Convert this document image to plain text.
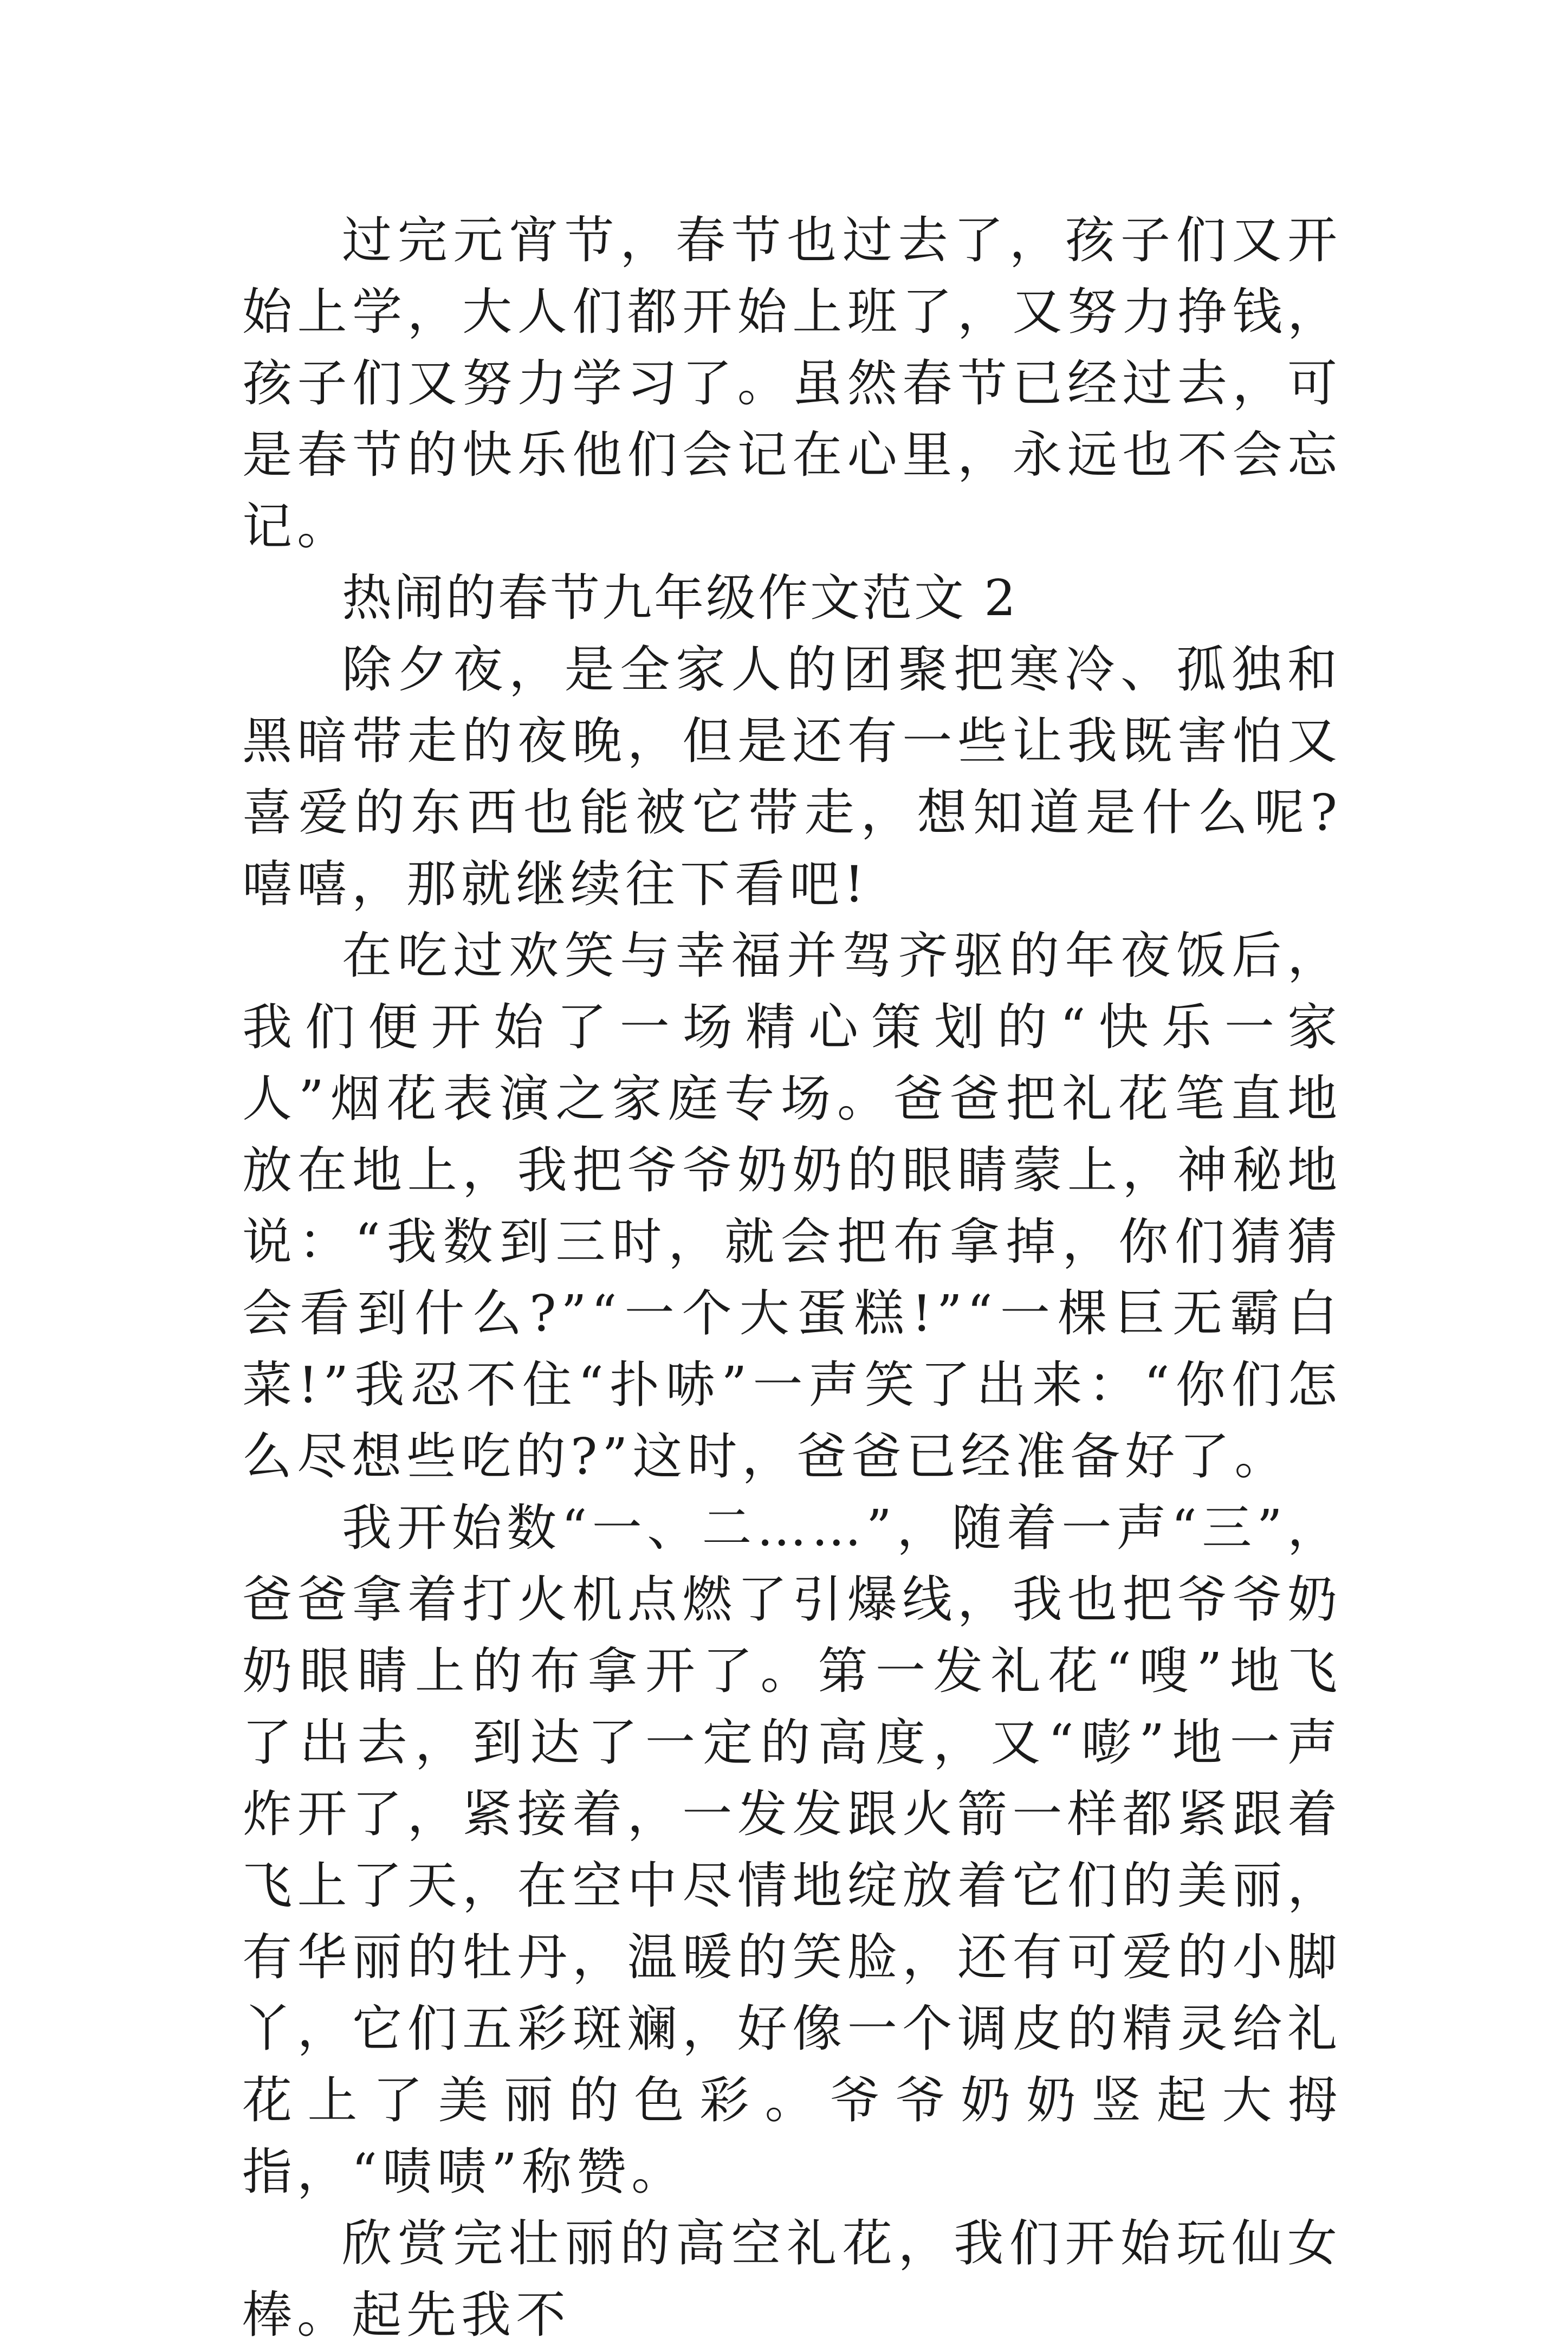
过完元宵节，春节也过去了，孩子们又开始上学，大人们都开始上班了，又努力挣钱，孩子们又努力学习了。虽然春节已经过去，可是春节的快乐他们会记在心里，永远也不会忘记。

热闹的春节九年级作文范文 2

除夕夜，是全家人的团聚把寒冷、孤独和黑暗带走的夜晚，但是还有一些让我既害怕又喜爱的东西也能被它带走，想知道是什么呢?嘻嘻，那就继续往下看吧!

在吃过欢笑与幸福并驾齐驱的年夜饭后，我们便开始了一场精心策划的“快乐一家人”烟花表演之家庭专场。爸爸把礼花笔直地放在地上，我把爷爷奶奶的眼睛蒙上，神秘地说：“我数到三时，就会把布拿掉，你们猜猜会看到什么?”“一个大蛋糕!”“一棵巨无霸白菜!”我忍不住“扑哧”一声笑了出来：“你们怎么尽想些吃的?”这时，爸爸已经准备好了。

我开始数“一、二……”，随着一声“三”，爸爸拿着打火机点燃了引爆线，我也把爷爷奶奶眼睛上的布拿开了。第一发礼花“嗖”地飞了出去，到达了一定的高度，又“嘭”地一声炸开了，紧接着，一发发跟火箭一样都紧跟着飞上了天，在空中尽情地绽放着它们的美丽，有华丽的牡丹，温暖的笑脸，还有可爱的小脚丫，它们五彩斑斓，好像一个调皮的精灵给礼花上了美丽的色彩。爷爷奶奶竖起大拇指，“啧啧”称赞。

欣赏完壮丽的高空礼花，我们开始玩仙女棒。起先我不
